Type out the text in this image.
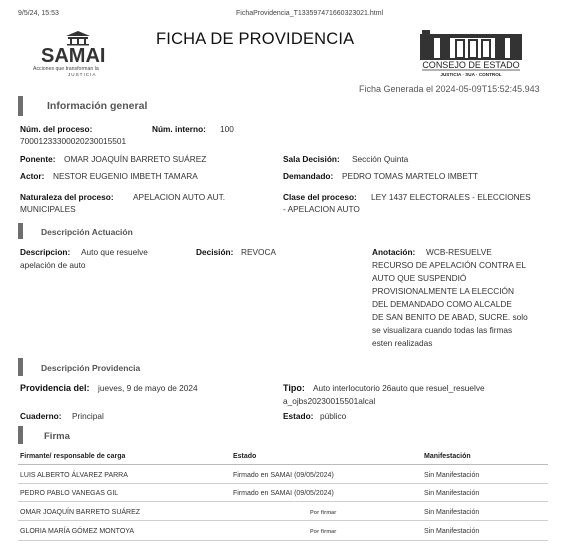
9/5/24, 15:53	FichaProvidencia_T1335974716603230​21.html
SAMAI
Acciones que transforman la
JUSTICIA
FICHA DE PROVIDENCIA
CONSEJO DE ESTADO
JUSTICIA · SUA · CONTROL
Ficha Generada el 2024-05-09T15:52:45.943
Información general
Núm. del proceso:	Núm. interno: 100
70001233300020230015501
Ponente: OMAR JOAQUÍN BARRETO SUÁREZ	Sala Decisión: Sección Quinta
Actor: NESTOR EUGENIO IMBETH TAMARA	Demandado: PEDRO TOMAS MARTELO IMBETT
Naturaleza del proceso: APELACION AUTO AUT.
MUNICIPALES
Clase del proceso: LEY 1437 ELECTORALES - ELECCIONES
- APELACION AUTO
Descripción Actuación
Descripcion: Auto que resuelve
apelación de auto
Decisión: REVOCA	Anotación: WCB-RESUELVE
RECURSO DE APELACIÓN CONTRA EL
AUTO QUE SUSPENDIÓ
PROVISIONALMENTE LA ELECCIÓN
DEL DEMANDADO COMO ALCALDE
DE SAN BENITO DE ABAD, SUCRE. solo
se visualizara cuando todas las firmas
esten realizadas
Descripción Providencia
Providencia del: jueves, 9 de mayo de 2024	Tipo: Auto interlocutorio 26auto que resuel_resuelve
a_ojbs20230015501alcal
Cuaderno: Principal	Estado: público
Firma
Firmante/ responsable de carga	Estado	Manifestación
LUIS ALBERTO ÁLVAREZ PARRA	Firmado en SAMAI (09/05/2024)	Sin Manifestación
PEDRO PABLO VANEGAS GIL	Firmado en SAMAI (09/05/2024)	Sin Manifestación
OMAR JOAQUÍN BARRETO SUÁREZ	Por firmar	Sin Manifestación
GLORIA MARÍA GÓMEZ MONTOYA	Por firmar	Sin Manifestación
